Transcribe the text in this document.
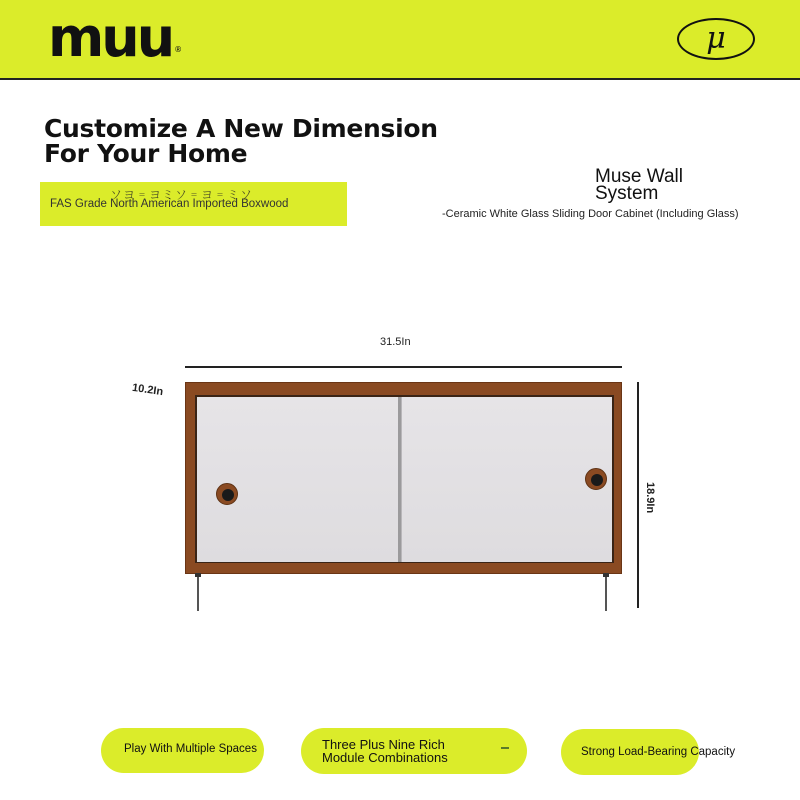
muu ®	μ
Customize A New Dimension
For Your Home
ソヨ゠ヨミソ゠ヨ゠ミソ
FAS Grade North American Imported Boxwood
Muse Wall
System
-Ceramic White Glass Sliding Door Cabinet (Including Glass)
31.5In
10.2In
18.9In
Play With Multiple Spaces	Three Plus Nine Rich
Module Combinations	Strong Load-Bearing Capacity
